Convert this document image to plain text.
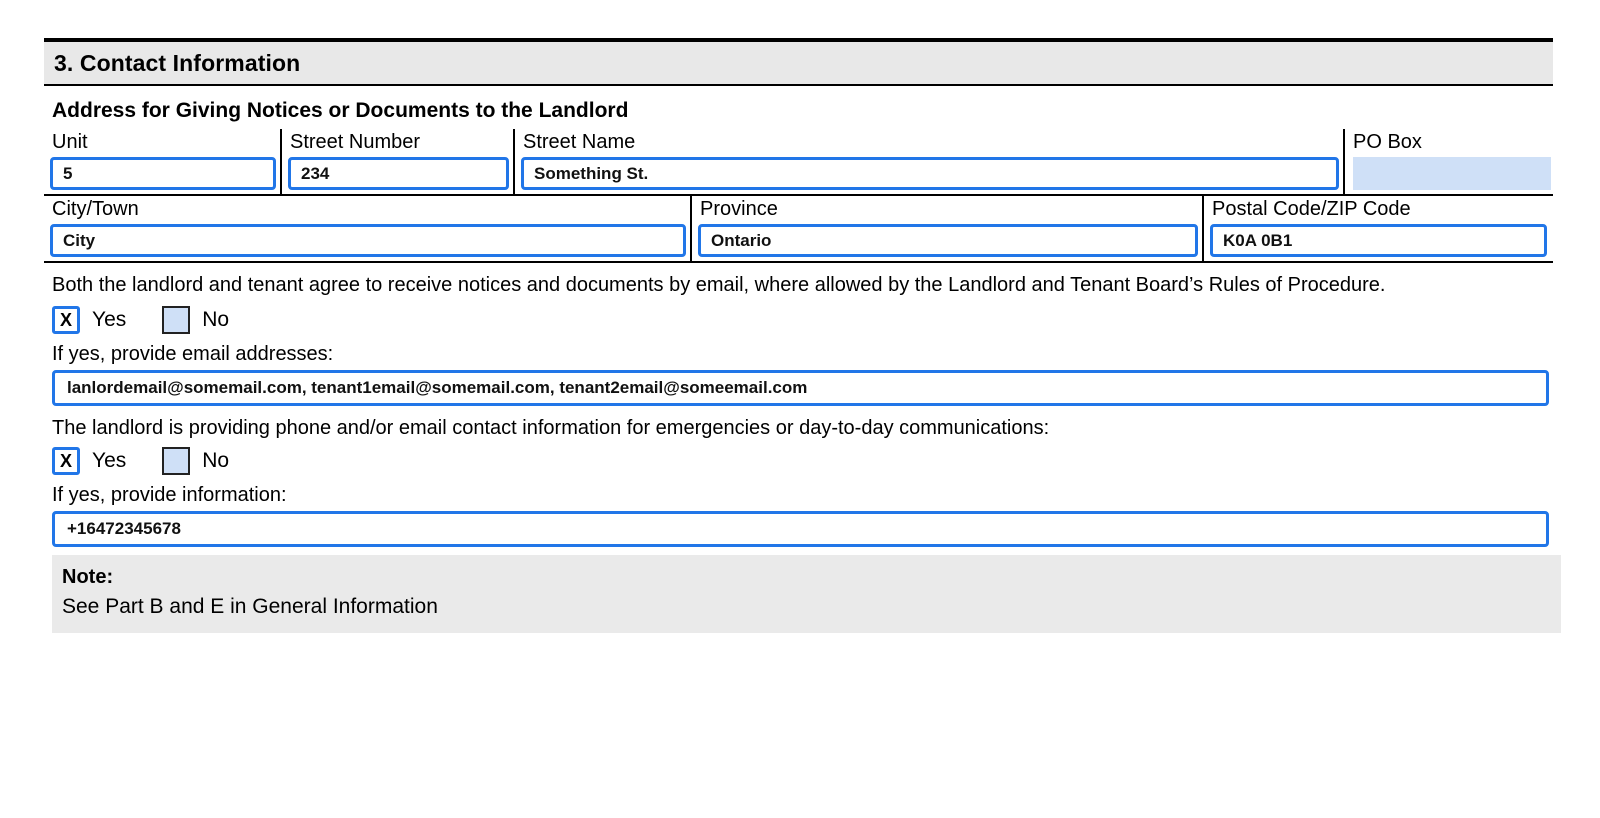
3. Contact Information
Address for Giving Notices or Documents to the Landlord
Unit
5
Street Number
234
Street Name
Something St.
PO Box
City/Town
City
Province
Ontario
Postal Code/ZIP Code
K0A 0B1
Both the landlord and tenant agree to receive notices and documents by email, where allowed by the Landlord and Tenant Board’s Rules of Procedure.
X Yes	No
If yes, provide email addresses:
lanlordemail@somemail.com, tenant1email@somemail.com, tenant2email@someemail.com
The landlord is providing phone and/or email contact information for emergencies or day-to-day communications:
X Yes	No
If yes, provide information:
+16472345678
Note:
See Part B and E in General Information
